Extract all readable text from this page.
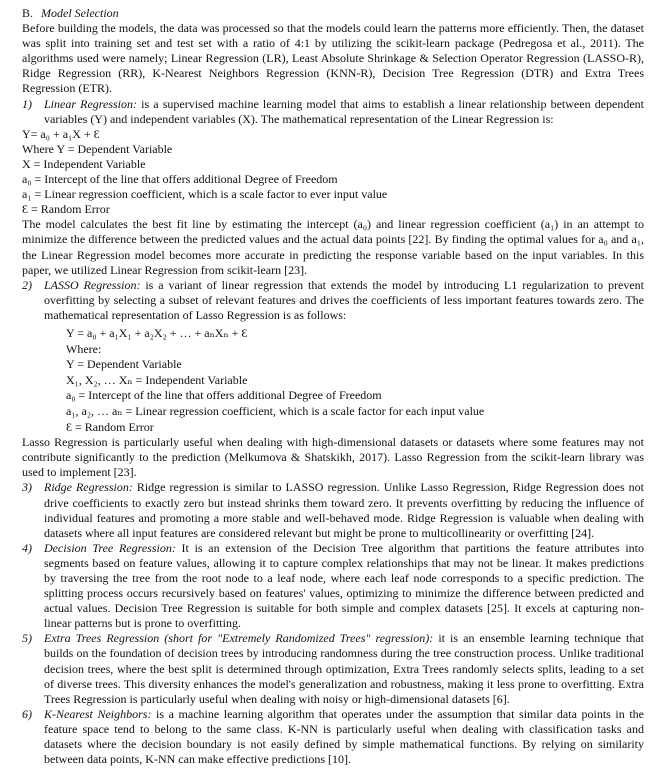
B. Model Selection

Before building the models, the data was processed so that the models could learn the patterns more efficiently. Then, the dataset was split into training set and test set with a ratio of 4:1 by utilizing the scikit-learn package (Pedregosa et al., 2011). The algorithms used were namely; Linear Regression (LR), Least Absolute Shrinkage & Selection Operator Regression (LASSO-R), Ridge Regression (RR), K-Nearest Neighbors Regression (KNN-R), Decision Tree Regression (DTR) and Extra Trees Regression (ETR).

1)	Linear Regression: is a supervised machine learning model that aims to establish a linear relationship between dependent variables (Y) and independent variables (X). The mathematical representation of the Linear Regression is:

Y= a₀ + a₁X + Ɛ

Where Y = Dependent Variable

X = Independent Variable

a₀ = Intercept of the line that offers additional Degree of Freedom

a₁ = Linear regression coefficient, which is a scale factor to ever input value

Ɛ = Random Error

The model calculates the best fit line by estimating the intercept (a₀) and linear regression coefficient (a₁) in an attempt to minimize the difference between the predicted values and the actual data points [22]. By finding the optimal values for a₀ and a₁, the Linear Regression model becomes more accurate in predicting the response variable based on the input variables. In this paper, we utilized Linear Regression from scikit-learn [23].

2)	LASSO Regression: is a variant of linear regression that extends the model by introducing L1 regularization to prevent overfitting by selecting a subset of relevant features and drives the coefficients of less important features towards zero. The mathematical representation of Lasso Regression is as follows:

Y = a₀ + a₁X₁ + a₂X₂ + … + aₙXₙ + Ɛ

Where:

Y = Dependent Variable

X₁, X₂, … Xₙ = Independent Variable

a₀ = Intercept of the line that offers additional Degree of Freedom

a₁, a₂, … aₙ = Linear regression coefficient, which is a scale factor for each input value

Ɛ = Random Error

Lasso Regression is particularly useful when dealing with high-dimensional datasets or datasets where some features may not contribute significantly to the prediction (Melkumova & Shatskikh, 2017). Lasso Regression from the scikit-learn library was used to implement [23].

3)	Ridge Regression: Ridge regression is similar to LASSO regression. Unlike Lasso Regression, Ridge Regression does not drive coefficients to exactly zero but instead shrinks them toward zero. It prevents overfitting by reducing the influence of individual features and promoting a more stable and well-behaved mode. Ridge Regression is valuable when dealing with datasets where all input features are considered relevant but might be prone to multicollinearity or overfitting [24].

4)	Decision Tree Regression: It is an extension of the Decision Tree algorithm that partitions the feature attributes into segments based on feature values, allowing it to capture complex relationships that may not be linear. It makes predictions by traversing the tree from the root node to a leaf node, where each leaf node corresponds to a specific prediction. The splitting process occurs recursively based on features' values, optimizing to minimize the difference between predicted and actual values. Decision Tree Regression is suitable for both simple and complex datasets [25]. It excels at capturing non-linear patterns but is prone to overfitting.

5)	Extra Trees Regression (short for "Extremely Randomized Trees" regression): it is an ensemble learning technique that builds on the foundation of decision trees by introducing randomness during the tree construction process. Unlike traditional decision trees, where the best split is determined through optimization, Extra Trees randomly selects splits, leading to a set of diverse trees. This diversity enhances the model's generalization and robustness, making it less prone to overfitting. Extra Trees Regression is particularly useful when dealing with noisy or high-dimensional datasets [6].

6)	K-Nearest Neighbors: is a machine learning algorithm that operates under the assumption that similar data points in the feature space tend to belong to the same class. K-NN is particularly useful when dealing with classification tasks and datasets where the decision boundary is not easily defined by simple mathematical functions. By relying on similarity between data points, K-NN can make effective predictions [10].
